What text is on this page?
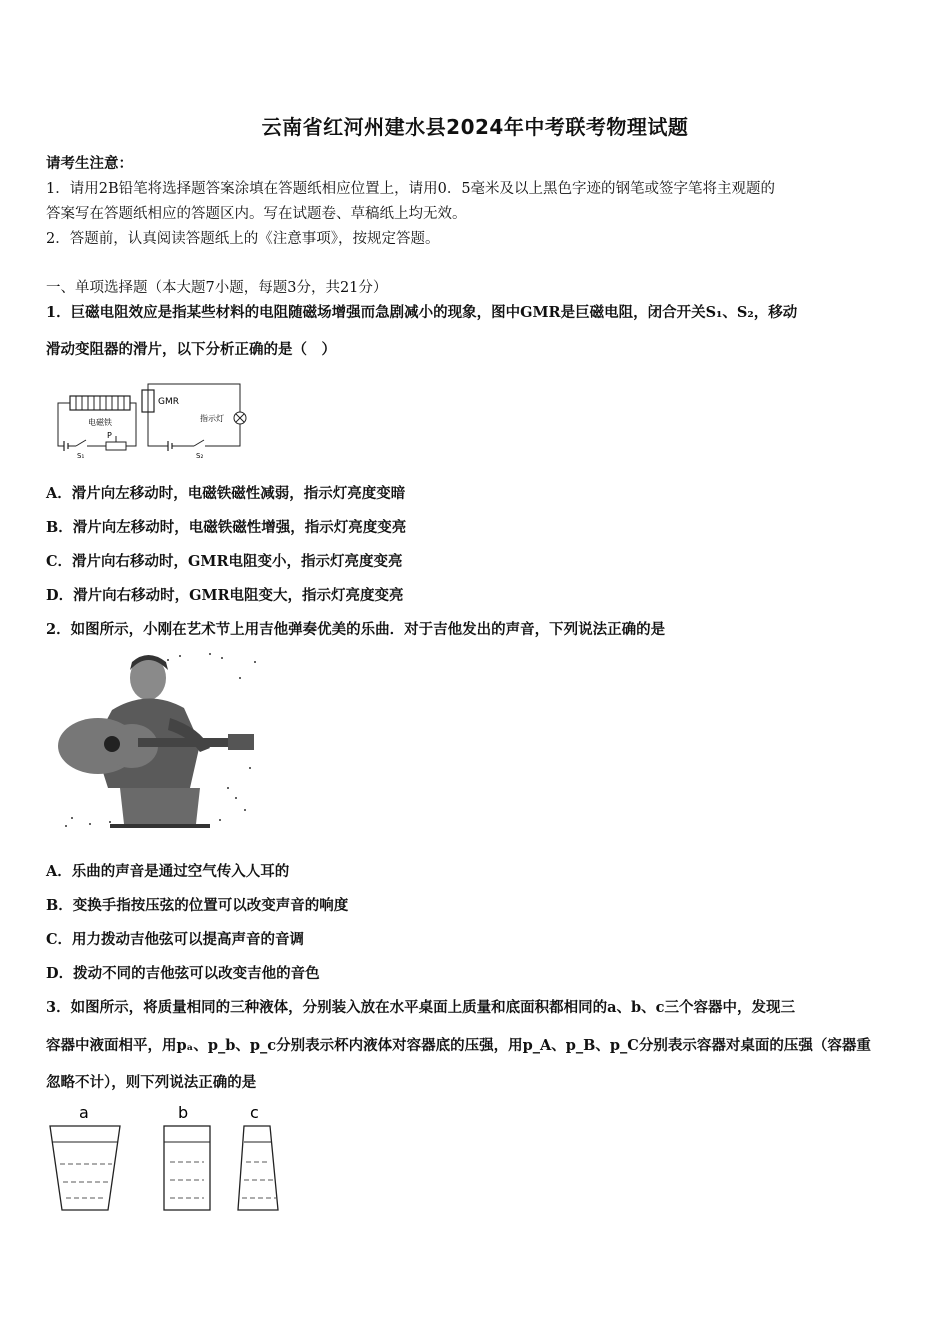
云南省红河州建水县2024年中考联考物理试题
请考生注意：
1．请用2B铅笔将选择题答案涂填在答题纸相应位置上，请用0．5毫米及以上黑色字迹的钢笔或签字笔将主观题的
答案写在答题纸相应的答题区内。写在试题卷、草稿纸上均无效。
2．答题前，认真阅读答题纸上的《注意事项》，按规定答题。
一、单项选择题（本大题7小题，每题3分，共21分）
1．巨磁电阻效应是指某些材料的电阻随磁场增强而急剧减小的现象，图中GMR是巨磁电阻，闭合开关S₁、S₂，移动
滑动变阻器的滑片，以下分析正确的是（　）
电磁铁
S₁
P
GMR
指示灯
S₂
A．滑片向左移动时，电磁铁磁性减弱，指示灯亮度变暗
B．滑片向左移动时，电磁铁磁性增强，指示灯亮度变亮
C．滑片向右移动时，GMR电阻变小，指示灯亮度变亮
D．滑片向右移动时，GMR电阻变大，指示灯亮度变亮
2．如图所示，小刚在艺术节上用吉他弹奏优美的乐曲．对于吉他发出的声音，下列说法正确的是
A．乐曲的声音是通过空气传入人耳的
B．变换手指按压弦的位置可以改变声音的响度
C．用力拨动吉他弦可以提高声音的音调
D．拨动不同的吉他弦可以改变吉他的音色
3．如图所示，将质量相同的三种液体，分别装入放在水平桌面上质量和底面积都相同的a、b、c三个容器中，发现三
容器中液面相平，用pₐ、p_b、p_c分别表示杯内液体对容器底的压强，用p_A、p_B、p_C分别表示容器对桌面的压强（容器重
忽略不计），则下列说法正确的是
a	b	c
